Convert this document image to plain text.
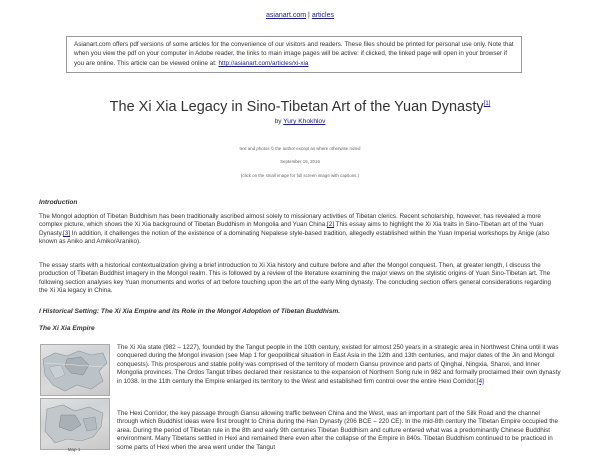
asianart.com | articles
Asianart.com offers pdf versions of some articles for the convenience of our visitors and readers. These files should be printed for personal use only. Note that when you view the pdf on your computer in Adobe reader, the links to main image pages will be active: if clicked, the linked page will open in your browser if you are online. This article can be viewed online at: http://asianart.com/articles/xi-xia
The Xi Xia Legacy in Sino-Tibetan Art of the Yuan Dynasty[1]
by Yury Khokhlov
text and photos © the author except as where otherwise noted
September 15, 2016
(click on the small image for full screen image with captions.)
Introduction

The Mongol adoption of Tibetan Buddhism has been traditionally ascribed almost solely to missionary activities of Tibetan clerics. Recent scholarship, however, has revealed a more complex picture, which shows the Xi Xia background of Tibetan Buddhism in Mongolia and Yuan China.[2] This essay aims to highlight the Xi Xia traits in Sino-Tibetan art of the Yuan Dynasty.[3] In addition, it challenges the notion of the existence of a dominating Nepalese style-based tradition, allegedly established within the Yuan Imperial workshops by Anige (also known as Aniko and Amiko/Araniko).

The essay starts with a historical contextualization giving a brief introduction to Xi Xia history and culture before and after the Mongol conquest. Then, at greater length, I discuss the production of Tibetan Buddhist imagery in the Mongol realm. This is followed by a review of the literature examining the major views on the stylistic origins of Yuan Sino-Tibetan art. The following section analyses key Yuan monuments and works of art before touching upon the art of the early Ming dynasty. The concluding section offers general considerations regarding the Xi Xia legacy in China.

I Historical Setting: The Xi Xia Empire and its Role in the Mongol Adoption of Tibetan Buddhism.
The Xi Xia Empire
Map 1

The Xi Xia state (982 – 1227), founded by the Tangut people in the 10th century, existed for almost 250 years in a strategic area in Northwest China until it was conquered during the Mongol invasion (see Map 1 for geopolitical situation in East Asia in the 12th and 13th centuries, and major dates of the Jin and Mongol conquests). This prosperous and stable polity was comprised of the territory of modern Gansu province and parts of Qinghai, Ningxia, Shanxi, and Inner Mongolia provinces. The Ordos Tangut tribes declared their resistance to the expansion of Northern Song rule in 982 and formally proclaimed their own dynasty in 1038. In the 11th century the Empire enlarged its territory to the West and established firm control over the entire Hexi Corridor.[4]

The Hexi Corridor, the key passage through Gansu allowing traffic between China and the West, was an important part of the Silk Road and the channel through which Buddhist ideas were first brought to China during the Han Dynasty (206 BCE – 220 CE). In the mid-8th century the Tibetan Empire occupied the area. During the period of Tibetan rule in the 8th and early 9th centuries Tibetan Buddhism and culture entered what was a predominantly Chinese Buddhist environment. Many Tibetans settled in Hexi and remained there even after the collapse of the Empire in 840s. Tibetan Buddhism continued to be practiced in some parts of Hexi when the area went under the Tangut
